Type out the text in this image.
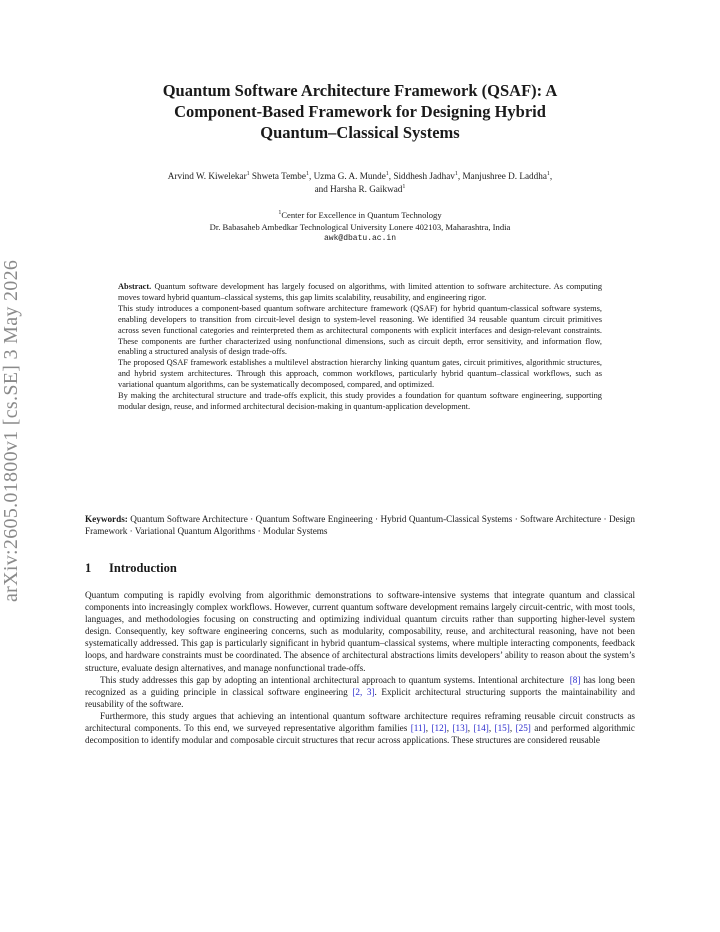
arXiv:2605.01800v1 [cs.SE] 3 May 2026
Quantum Software Architecture Framework (QSAF): A
Component-Based Framework for Designing Hybrid
Quantum–Classical Systems
Arvind W. Kiwelekar$^1$ Shweta Tembe$^1$, Uzma G. A. Munde$^1$, Siddhesh Jadhav$^1$, Manjushree D. Laddha$^1$,
and Harsha R. Gaikwad$^1$
$^1$Center for Excellence in Quantum Technology
Dr. Babasaheb Ambedkar Technological University Lonere 402103, Maharashtra, India
awk@dbatu.ac.in

Abstract. Quantum software development has largely focused on algorithms, with limited attention to software architecture. As computing moves toward hybrid quantum–classical systems, this gap limits scalability, reusability, and engineering rigor.

This study introduces a component-based quantum software architecture framework (QSAF) for hybrid quantum-classical software systems, enabling developers to transition from circuit-level design to system-level reasoning. We identified 34 reusable quantum circuit primitives across seven functional categories and reinterpreted them as architectural components with explicit interfaces and design-relevant constraints. These components are further characterized using nonfunctional dimensions, such as circuit depth, error sensitivity, and information flow, enabling a structured analysis of design trade-offs.

The proposed QSAF framework establishes a multilevel abstraction hierarchy linking quantum gates, circuit primitives, algorithmic structures, and hybrid system architectures. Through this approach, common workflows, particularly hybrid quantum–classical workflows, such as variational quantum algorithms, can be systematically decomposed, compared, and optimized.

By making the architectural structure and trade-offs explicit, this study provides a foundation for quantum software engineering, supporting modular design, reuse, and informed architectural decision-making in quantum-application development.

Keywords: Quantum Software Architecture · Quantum Software Engineering · Hybrid Quantum-Classical Systems · Software Architecture · Design Framework · Variational Quantum Algorithms · Modular Systems
1 Introduction

Quantum computing is rapidly evolving from algorithmic demonstrations to software-intensive systems that integrate quantum and classical components into increasingly complex workflows. However, current quantum software development remains largely circuit-centric, with most tools, languages, and methodologies focusing on constructing and optimizing individual quantum circuits rather than supporting higher-level system design. Consequently, key software engineering concerns, such as modularity, composability, reuse, and architectural reasoning, have not been systematically addressed. This gap is particularly significant in hybrid quantum–classical systems, where multiple interacting components, feedback loops, and hardware constraints must be coordinated. The absence of architectural abstractions limits developers’ ability to reason about the system’s structure, evaluate design alternatives, and manage nonfunctional trade-offs.

This study addresses this gap by adopting an intentional architectural approach to quantum systems. Intentional architecture [8] has long been recognized as a guiding principle in classical software engineering [2, 3]. Explicit architectural structuring supports the maintainability and reusability of the software.

Furthermore, this study argues that achieving an intentional quantum software architecture requires reframing reusable circuit constructs as architectural components. To this end, we surveyed representative algorithm families [11], [12], [13], [14], [15], [25] and performed algorithmic decomposition to identify modular and composable circuit structures that recur across applications. These structures are considered reusable
